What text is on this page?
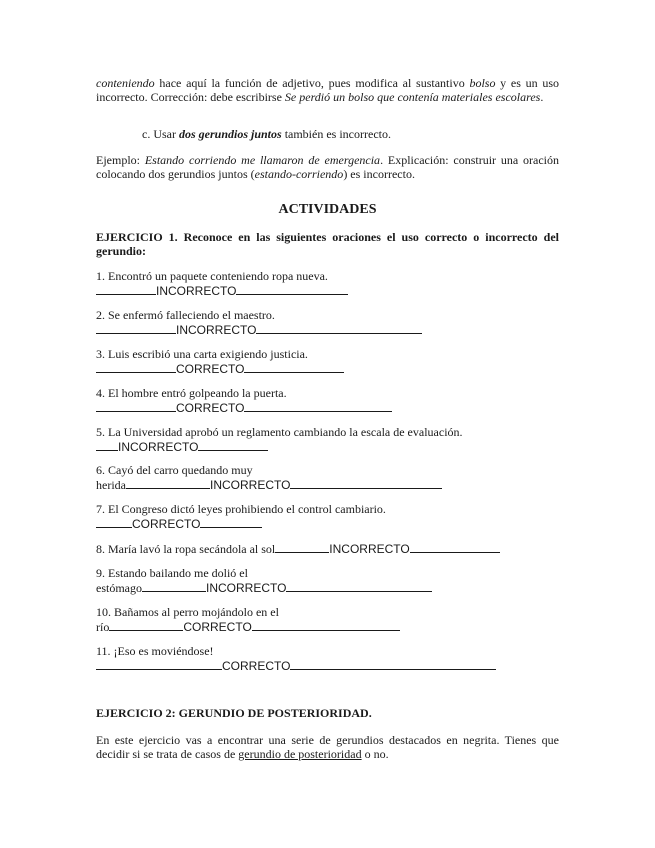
conteniendo hace aquí la función de adjetivo, pues modifica al sustantivo bolso y es un uso incorrecto. Corrección: debe escribirse Se perdió un bolso que contenía materiales escolares.

c. Usar dos gerundios juntos también es incorrecto.

Ejemplo: Estando corriendo me llamaron de emergencia. Explicación: construir una oración colocando dos gerundios juntos (estando-corriendo) es incorrecto.

ACTIVIDADES

EJERCICIO 1. Reconoce en las siguientes oraciones el uso correcto o incorrecto del gerundio:

1. Encontró un paquete conteniendo ropa nueva.

INCORRECTO

2. Se enfermó falleciendo el maestro.

INCORRECTO

3. Luis escribió una carta exigiendo justicia.

CORRECTO

4. El hombre entró golpeando la puerta.

CORRECTO

5. La Universidad aprobó un reglamento cambiando la escala de evaluación.

INCORRECTO

6. Cayó del carro quedando muy

herida	INCORRECTO

7. El Congreso dictó leyes prohibiendo el control cambiario.

CORRECTO

8. María lavó la ropa secándola al sol	INCORRECTO

9. Estando bailando me dolió el

estómago	INCORRECTO

10. Bañamos al perro mojándolo en el

río	CORRECTO

11. ¡Eso es moviéndose!

CORRECTO

EJERCICIO 2: GERUNDIO DE POSTERIORIDAD.

En este ejercicio vas a encontrar una serie de gerundios destacados en negrita. Tienes que decidir si se trata de casos de gerundio de posterioridad o no.
